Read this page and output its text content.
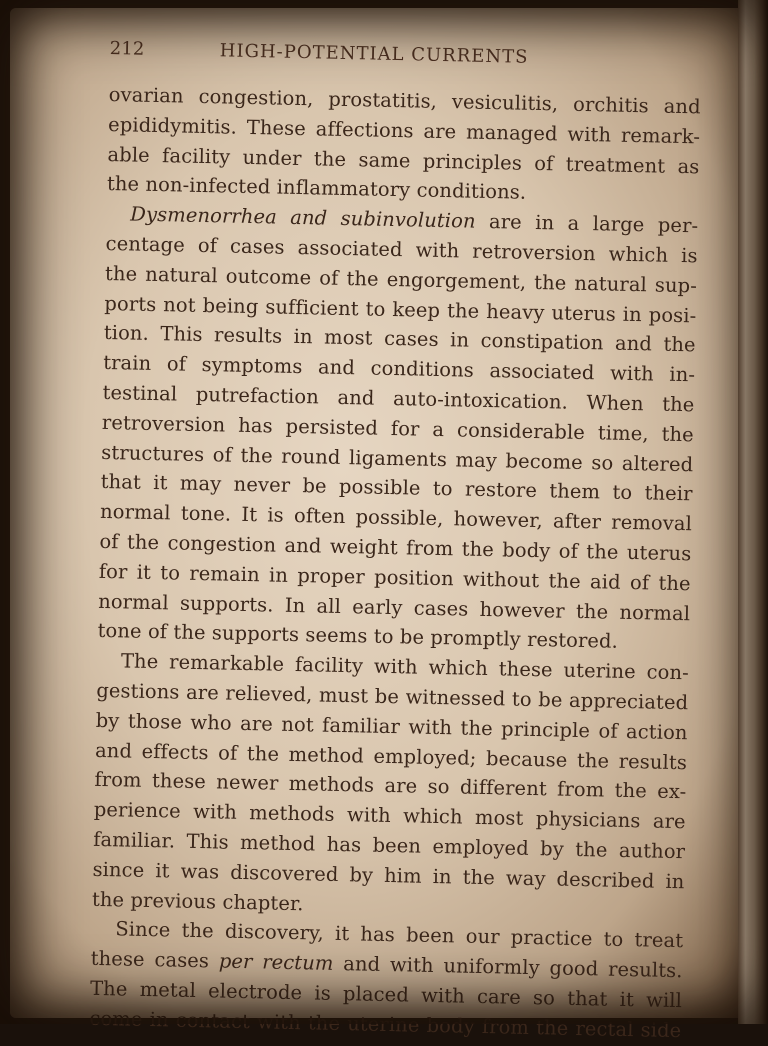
212	HIGH-POTENTIAL CURRENTS
ovarian congestion, prostatitis, vesiculitis, orchitis and
epididymitis. These affections are managed with remark-
able facility under the same principles of treatment as
the non-infected inflammatory conditions.
Dysmenorrhea and subinvolution are in a large per-
centage of cases associated with retroversion which is
the natural outcome of the engorgement, the natural sup-
ports not being sufficient to keep the heavy uterus in posi-
tion. This results in most cases in constipation and the
train of symptoms and conditions associated with in-
testinal putrefaction and auto-intoxication. When the
retroversion has persisted for a considerable time, the
structures of the round ligaments may become so altered
that it may never be possible to restore them to their
normal tone. It is often possible, however, after removal
of the congestion and weight from the body of the uterus
for it to remain in proper position without the aid of the
normal supports. In all early cases however the normal
tone of the supports seems to be promptly restored.
The remarkable facility with which these uterine con-
gestions are relieved, must be witnessed to be appreciated
by those who are not familiar with the principle of action
and effects of the method employed; because the results
from these newer methods are so different from the ex-
perience with methods with which most physicians are
familiar. This method has been employed by the author
since it was discovered by him in the way described in
the previous chapter.
Since the discovery, it has been our practice to treat
these cases per rectum and with uniformly good results.
The metal electrode is placed with care so that it will
come in contact with the uterine body from the rectal side
